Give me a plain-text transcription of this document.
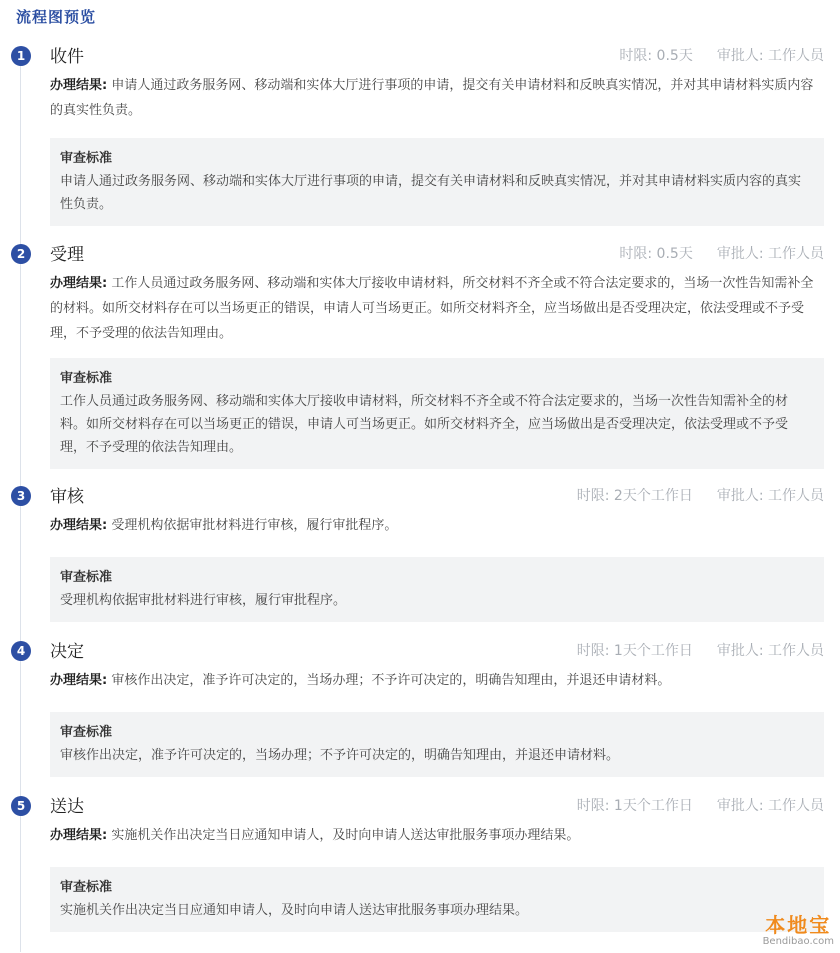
流程图预览
1	收件	时限: 0.5天 审批人: 工作人员
办理结果: 申请人通过政务服务网、移动端和实体大厅进行事项的申请，提交有关申请材料和反映真实情况，并对其申请材料实质内容的真实性负责。
审查标准
申请人通过政务服务网、移动端和实体大厅进行事项的申请，提交有关申请材料和反映真实情况，并对其申请材料实质内容的真实性负责。
2	受理	时限: 0.5天 审批人: 工作人员
办理结果: 工作人员通过政务服务网、移动端和实体大厅接收申请材料，所交材料不齐全或不符合法定要求的，当场一次性告知需补全的材料。如所交材料存在可以当场更正的错误，申请人可当场更正。如所交材料齐全，应当场做出是否受理决定，依法受理或不予受理，不予受理的依法告知理由。
审查标准
工作人员通过政务服务网、移动端和实体大厅接收申请材料，所交材料不齐全或不符合法定要求的，当场一次性告知需补全的材料。如所交材料存在可以当场更正的错误，申请人可当场更正。如所交材料齐全，应当场做出是否受理决定，依法受理或不予受理，不予受理的依法告知理由。
3	审核	时限: 2天个工作日 审批人: 工作人员
办理结果: 受理机构依据审批材料进行审核，履行审批程序。
审查标准
受理机构依据审批材料进行审核，履行审批程序。
4	决定	时限: 1天个工作日 审批人: 工作人员
办理结果: 审核作出决定，准予许可决定的，当场办理；不予许可决定的，明确告知理由，并退还申请材料。
审查标准
审核作出决定，准予许可决定的，当场办理；不予许可决定的，明确告知理由，并退还申请材料。
5	送达	时限: 1天个工作日 审批人: 工作人员
办理结果: 实施机关作出决定当日应通知申请人，及时向申请人送达审批服务事项办理结果。
审查标准
实施机关作出决定当日应通知申请人，及时向申请人送达审批服务事项办理结果。
本地宝
Bendibao.com
